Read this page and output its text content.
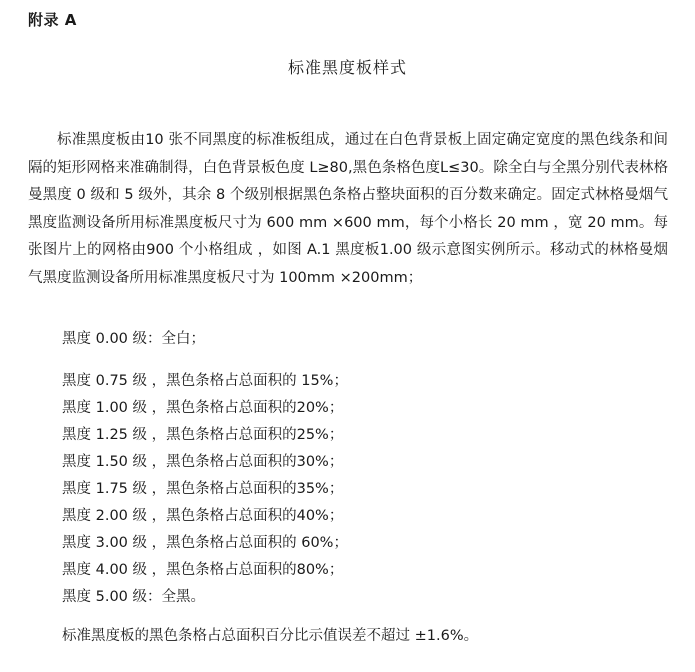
附录 A
标准黑度板样式

标准黑度板由10 张不同黑度的标准板组成，通过在白色背景板上固定确定宽度的黑色线条和间隔的矩形网格来准确制得，白色背景板色度 L≥80,黑色条格色度L≤30。除全白与全黑分别代表林格曼黑度 0 级和 5 级外，其余 8 个级别根据黑色条格占整块面积的百分数来确定。固定式林格曼烟气黑度监测设备所用标准黑度板尺寸为 600 mm ×600 mm，每个小格长 20 mm ，宽 20 mm。每张图片上的网格由900 个小格组成 ，如图 A.1 黑度板1.00 级示意图实例所示。移动式的林格曼烟气黑度监测设备所用标准黑度板尺寸为 100mm ×200mm；

黑度 0.00 级：全白；

黑度 0.75 级 ，黑色条格占总面积的 15%；
黑度 1.00 级 ，黑色条格占总面积的20%；
黑度 1.25 级 ，黑色条格占总面积的25%；
黑度 1.50 级 ，黑色条格占总面积的30%；
黑度 1.75 级 ，黑色条格占总面积的35%；
黑度 2.00 级 ，黑色条格占总面积的40%；
黑度 3.00 级 ，黑色条格占总面积的 60%；
黑度 4.00 级 ，黑色条格占总面积的80%；
黑度 5.00 级：全黑。

标准黑度板的黑色条格占总面积百分比示值误差不超过 ±1.6%。
